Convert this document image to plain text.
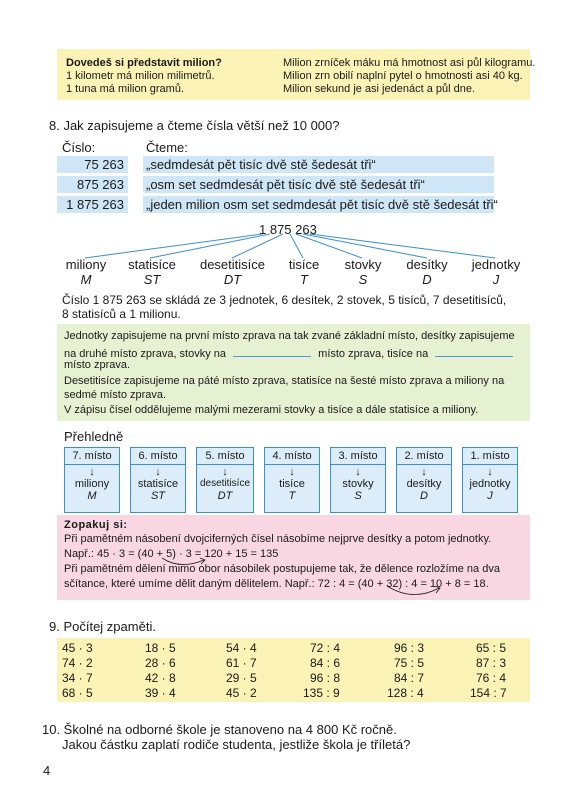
Dovedeš si představit milion?
1 kilometr má milion milimetrů.
1 tuna má milion gramů.
Milion zrníček máku má hmotnost asi půl kilogramu.
Milion zrn obilí naplní pytel o hmotnosti asi 40 kg.
Milion sekund je asi jedenáct a půl dne.
8. Jak zapisujeme a čteme čísla větší než 10 000?
Číslo:	Čteme:
75 263 „sedmdesát pět tisíc dvě stě šedesát tři“
875 263 „osm set sedmdesát pět tisíc dvě stě šedesát tři“
1 875 263 „jeden milion osm set sedmdesát pět tisíc dvě stě šedesát tři“
1 875 263
miliony
M
statisíce
ST
desetitisíce
DT
tisíce
T
stovky
S
desítky
D
jednotky
J
Číslo 1 875 263 se skládá ze 3 jednotek, 6 desítek, 2 stovek, 5 tisíců, 7 desetitisíců,
8 statisíců a 1 milionu.
Jednotky zapisujeme na první místo zprava na tak zvané základní místo, desítky zapisujeme
na druhé místo zprava, stovky na	místo zprava, tisíce na
místo zprava.
Desetitisíce zapisujeme na páté místo zprava, statisíce na šesté místo zprava a miliony na
sedmé místo zprava.
V zápisu čísel oddělujeme malými mezerami stovky a tisíce a dále statisíce a miliony.
Přehledně
7. místo
↓
miliony
M
6. místo
↓
statisíce
ST
5. místo
↓
desetitisíce
DT
4. místo
↓
tisíce
T
3. místo
↓
stovky
S
2. místo
↓
desítky
D
1. místo
↓
jednotky
J
Zopakuj si:
Při pamětném násobení dvojciferných čísel násobíme nejprve desítky a potom jednotky.
Např.: 45 · 3 = (40 + 5) · 3 = 120 + 15 = 135
Při pamětném dělení mimo obor násobilek postupujeme tak, že dělence rozložíme na dva
sčítance, které umíme dělit daným dělitelem. Např.: 72 : 4 = (40 + 32) : 4 = 10 + 8 = 18.
9. Počítej zpaměti.
45 · 3	18 · 5	54 · 4	72 : 4	96 : 3	65 : 5
74 · 2	28 · 6	61 · 7	84 : 6	75 : 5	87 : 3
34 · 7	42 · 8	29 · 5	96 : 8	84 : 7	76 : 4
68 · 5	39 · 4	45 · 2	135 : 9	128 : 4	154 : 7
10. Školné na odborné škole je stanoveno na 4 800 Kč ročně.
Jakou částku zaplatí rodiče studenta, jestliže škola je tříletá?
4
